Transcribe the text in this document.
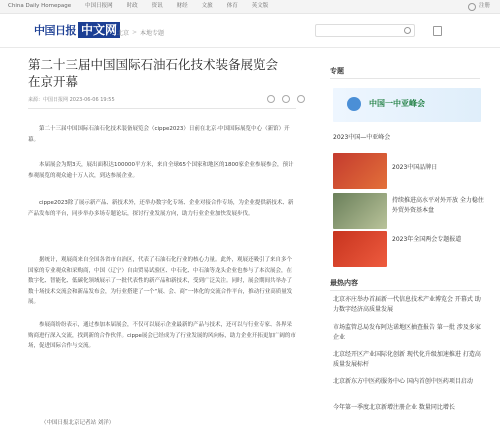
China Daily Homepage	中国日报网	时政	资讯	财经	文旅	体育	英文版	注册
中国日报 中文网 北京 > 本地专题
第二十三届中国国际石油石化技术装备展览会在京开幕
来源：中国日报网 2023-06-06 19:55

第二十三届中国国际石油石化技术装备展览会（cippe2023）日前在北京·中国国际展览中心（新馆）开幕。

本届展会为期3天，展出面积达100000平方米，来自全球65个国家和地区的1800家企业参展参会，预计参观展览的观众逾十万人次，到达参展企业。

cippe2023除了展示新产品、新技术外，还举办数字化专场、企业对接合作专场，为企业提供新技术、新产品发布的平台，同步举办多场专题论坛，探讨行业发展方向，助力行业企业加快发展步伐。

据统计，观展商来自全国各省市自治区，代表了石油石化行业的核心力量。此外，观展还吸引了来自多个国家的专业观众和采购商，中国（辽宁）自由贸易试验区、中石化、中石油等龙头企业也参与了本次展会，在数字化、智能化、低碳化领域展示了一批代表性的新产品和新技术，受到广泛关注。同时，展会期间共举办了数十场技术交流会和新品发布会，为行业搭建了一个“展、会、商”一体化的交流合作平台，推动行业高质量发展。

参展商纷纷表示，通过参加本届展会，不仅可以展示企业最新的产品与技术，还可以与行业专家、各界采购商进行深入交流，找到新的合作伙伴。cippe展会已经成为了行业发展的风向标，助力企业开拓更加广阔的市场，促进国际合作与交流。

（中国日报北京记者站 刘洋）

专题
中国一中亚峰会
2023中国—中亚峰会
2023中国品牌日
持续推进高水平对外开放 全力稳住外贸外资基本盘
2023年全国两会专题报道
最热内容
北京亦庄举办首届新一代信息技术产业博览会 开幕式 助力数字经济高质量发展
市场监管总局发布阿达诺地区抽查报告 第一批 涉及多家企业
北京经开区产业国际化创新 现代化升级加速推进 打造高质量发展标杆
北京新东方中医药服务中心 国内首创中医药项目启动
今年第一季度北京新增注册企业 数量同比增长
